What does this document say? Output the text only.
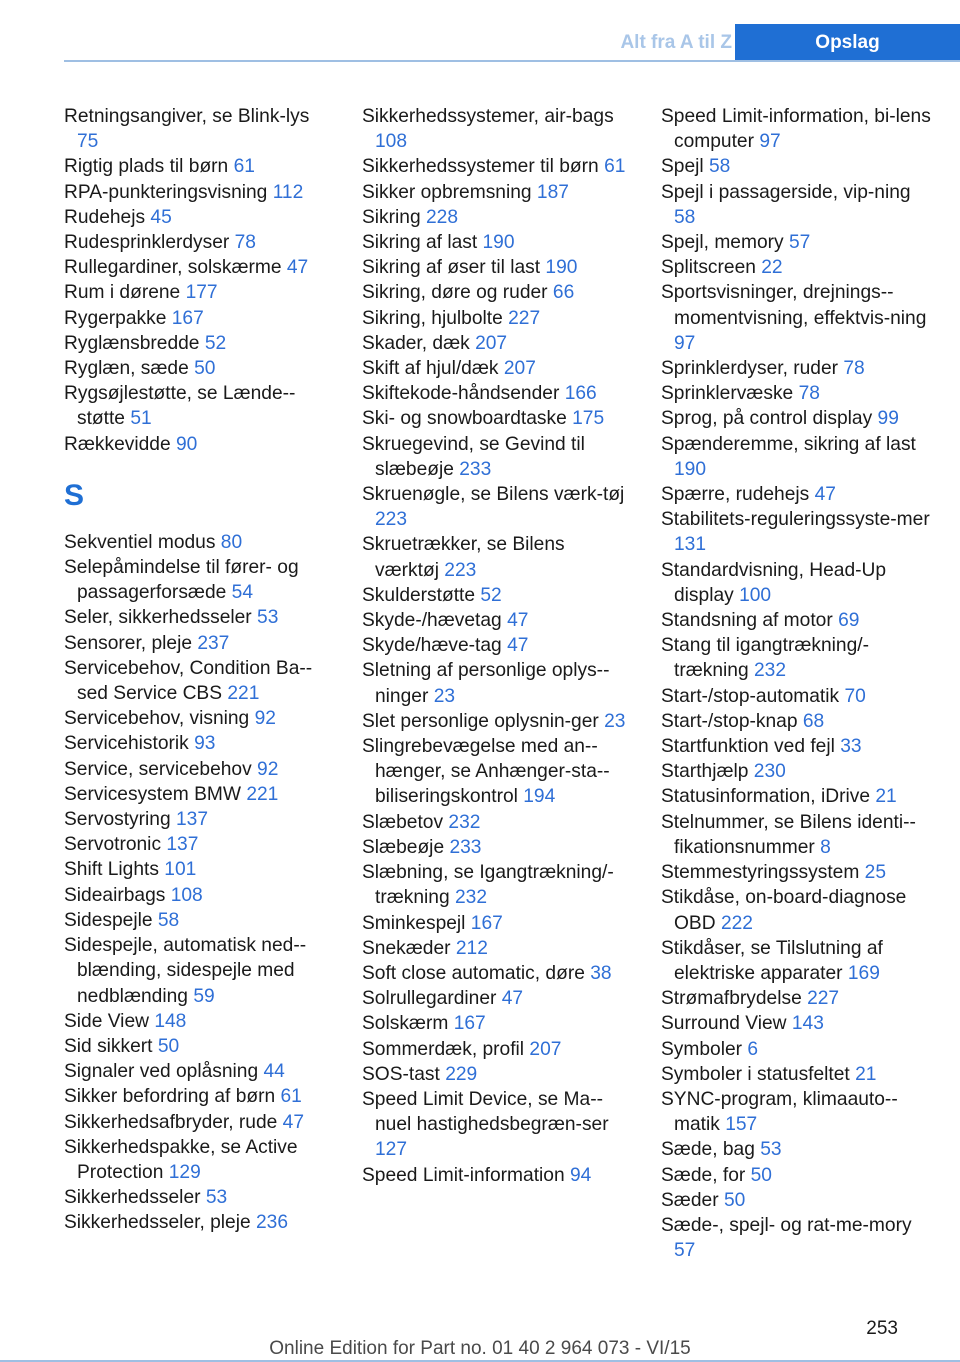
Alt fra A til Z	Opslag

Retningsangiver, se Blink-lys 75

Rigtig plads til børn 61

RPA-punkteringsvisning 112

Rudehejs 45

Rudesprinklerdyser 78

Rullegardiner, solskærme 47

Rum i dørene 177

Rygerpakke 167

Ryglænsbredde 52

Ryglæn, sæde 50

Rygsøjlestøtte, se Lænde-støtte 51

Rækkevidde 90

S

Sekventiel modus 80

Selepåmindelse til fører- og passagerforsæde 54

Seler, sikkerhedsseler 53

Sensorer, pleje 237

Servicebehov, Condition Ba-sed Service CBS 221

Servicebehov, visning 92

Servicehistorik 93

Service, servicebehov 92

Servicesystem BMW 221

Servostyring 137

Servotronic 137

Shift Lights 101

Sideairbags 108

Sidespejle 58

Sidespejle, automatisk ned-blænding, sidespejle med nedblænding 59

Side View 148

Sid sikkert 50

Signaler ved oplåsning 44

Sikker befordring af børn 61

Sikkerhedsafbryder, rude 47

Sikkerhedspakke, se Active Protection 129

Sikkerhedsseler 53

Sikkerhedsseler, pleje 236

Sikkerhedssystemer, air-bags 108

Sikkerhedssystemer til børn 61

Sikker opbremsning 187

Sikring 228

Sikring af last 190

Sikring af øser til last 190

Sikring, døre og ruder 66

Sikring, hjulbolte 227

Skader, dæk 207

Skift af hjul/dæk 207

Skiftekode-håndsender 166

Ski- og snowboardtaske 175

Skruegevind, se Gevind til slæbeøje 233

Skruenøgle, se Bilens værk-tøj 223

Skruetrækker, se Bilens værktøj 223

Skulderstøtte 52

Skyde-/hævetag 47

Skyde/hæve-tag 47

Sletning af personlige oplys-ninger 23

Slet personlige oplysnin-ger 23

Slingrebevægelse med an-hænger, se Anhænger-sta-biliseringskontrol 194

Slæbetov 232

Slæbeøje 233

Slæbning, se Igangtrækning/trækning 232

Sminkespejl 167

Snekæder 212

Soft close automatic, døre 38

Solrullegardiner 47

Solskærm 167

Sommerdæk, profil 207

SOS-tast 229

Speed Limit Device, se Ma-nuel hastighedsbegræn-ser 127

Speed Limit-information 94

Speed Limit-information, bi-lens computer 97

Spejl 58

Spejl i passagerside, vip-ning 58

Spejl, memory 57

Splitscreen 22

Sportsvisninger, drejnings-momentvisning, effektvis-ning 97

Sprinklerdyser, ruder 78

Sprinklervæske 78

Sprog, på control display 99

Spænderemme, sikring af last 190

Spærre, rudehejs 47

Stabilitets-reguleringssyste-mer 131

Standardvisning, Head-Up display 100

Standsning af motor 69

Stang til igangtrækning/trækning 232

Start-/stop-automatik 70

Start-/stop-knap 68

Startfunktion ved fejl 33

Starthjælp 230

Statusinformation, iDrive 21

Stelnummer, se Bilens identi-fikationsnummer 8

Stemmestyringssystem 25

Stikdåse, on-board-diagnose OBD 222

Stikdåser, se Tilslutning af elektriske apparater 169

Strømafbrydelse 227

Surround View 143

Symboler 6

Symboler i statusfeltet 21

SYNC-program, klimaauto-matik 157

Sæde, bag 53

Sæde, for 50

Sæder 50

Sæde-, spejl- og rat-me-mory 57

253
Online Edition for Part no. 01 40 2 964 073 - VI/15
